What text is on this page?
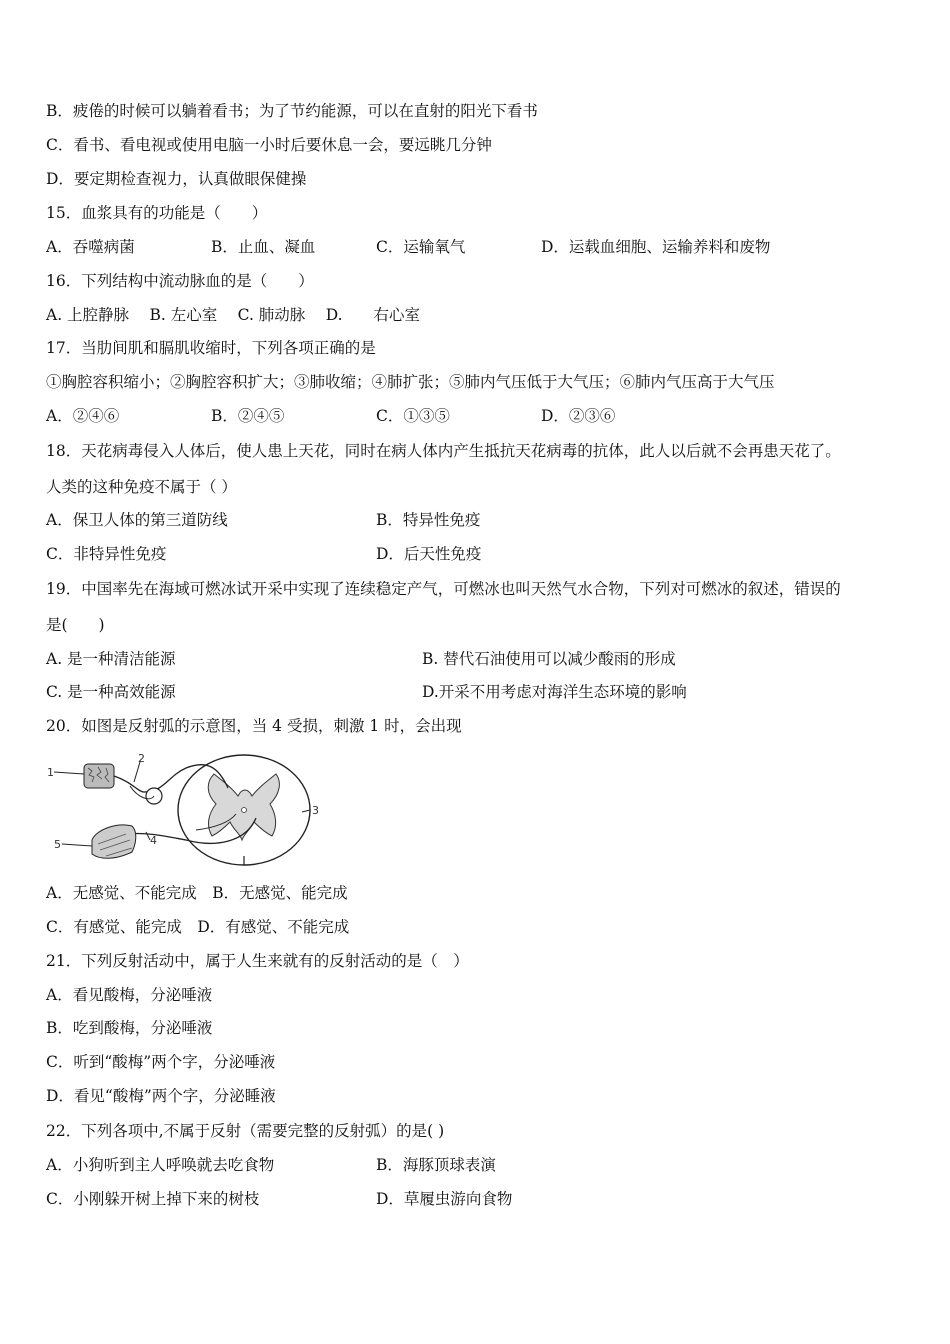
B．疲倦的时候可以躺着看书；为了节约能源，可以在直射的阳光下看书
C．看书、看电视或使用电脑一小时后要休息一会，要远眺几分钟
D．要定期检查视力，认真做眼保健操
15．血浆具有的功能是（　　）
A．吞噬病菌	B．止血、凝血	C．运输氧气	D．运载血细胞、运输养料和废物
16．下列结构中流动脉血的是（　　）
A. 上腔静脉　 B. 左心室　 C. 肺动脉　 D.　　右心室
17．当肋间肌和膈肌收缩时，下列各项正确的是
①胸腔容积缩小；②胸腔容积扩大；③肺收缩；④肺扩张；⑤肺内气压低于大气压；⑥肺内气压高于大气压
A．②④⑥	B．②④⑤	C．①③⑤	D．②③⑥
18．天花病毒侵入人体后，使人患上天花，同时在病人体内产生抵抗天花病毒的抗体，此人以后就不会再患天花了。
人类的这种免疫不属于（ ）
A．保卫人体的第三道防线	B．特异性免疫
C．非特异性免疫	D．后天性免疫
19．中国率先在海域可燃冰试开采中实现了连续稳定产气，可燃冰也叫天然气水合物，下列对可燃冰的叙述，错误的
是(　　)
A. 是一种清洁能源	B. 替代石油使用可以减少酸雨的形成
C. 是一种高效能源	D.开采不用考虑对海洋生态环境的影响
20．如图是反射弧的示意图，当 4 受损，刺激 1 时，会出现
1
2
3
4
5
A．无感觉、不能完成　B．无感觉、能完成
C．有感觉、能完成　D．有感觉、不能完成
21．下列反射活动中，属于人生来就有的反射活动的是（　）
A．看见酸梅，分泌唾液
B．吃到酸梅，分泌唾液
C．听到“酸梅”两个字，分泌唾液
D．看见“酸梅”两个字，分泌睡液
22．下列各项中,不属于反射（需要完整的反射弧）的是( )
A．小狗听到主人呼唤就去吃食物	B．海豚顶球表演
C．小刚躲开树上掉下来的树枝	D．草履虫游向食物
